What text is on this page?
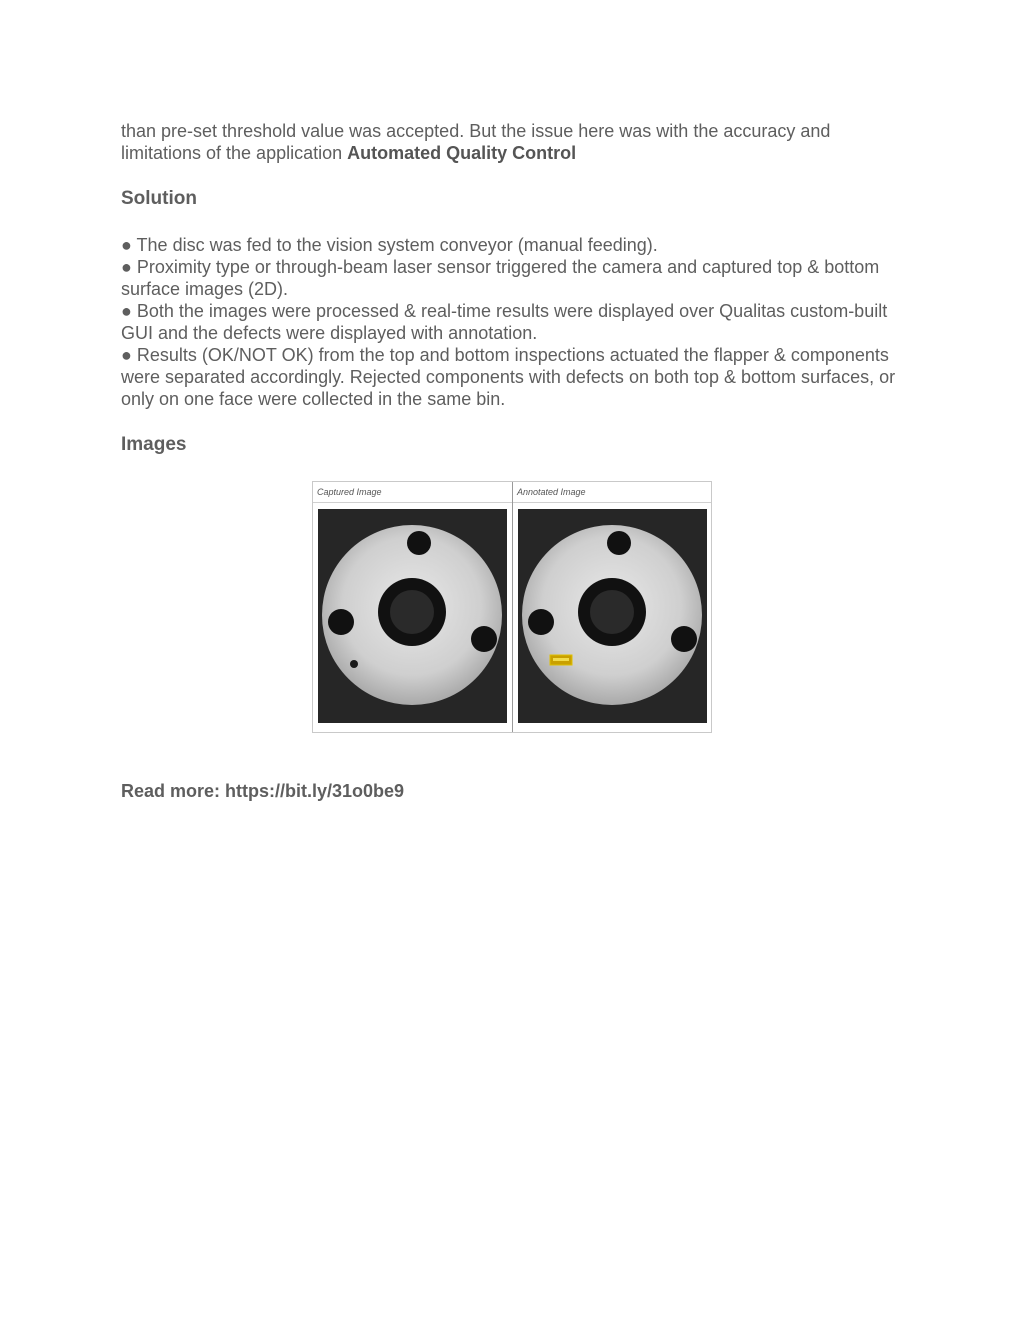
than pre-set threshold value was accepted. But the issue here was with the accuracy and limitations of the application Automated Quality Control

Solution

● The disc was fed to the vision system conveyor (manual feeding).

● Proximity type or through-beam laser sensor triggered the camera and captured top & bottom surface images (2D).

● Both the images were processed & real-time results were displayed over Qualitas custom-built GUI and the defects were displayed with annotation.

● Results (OK/NOT OK) from the top and bottom inspections actuated the flapper & components were separated accordingly. Rejected components with defects on both top & bottom surfaces, or only on one face were collected in the same bin.

Images

Captured Image	Annotated Image
Read more: https://bit.ly/31o0be9
